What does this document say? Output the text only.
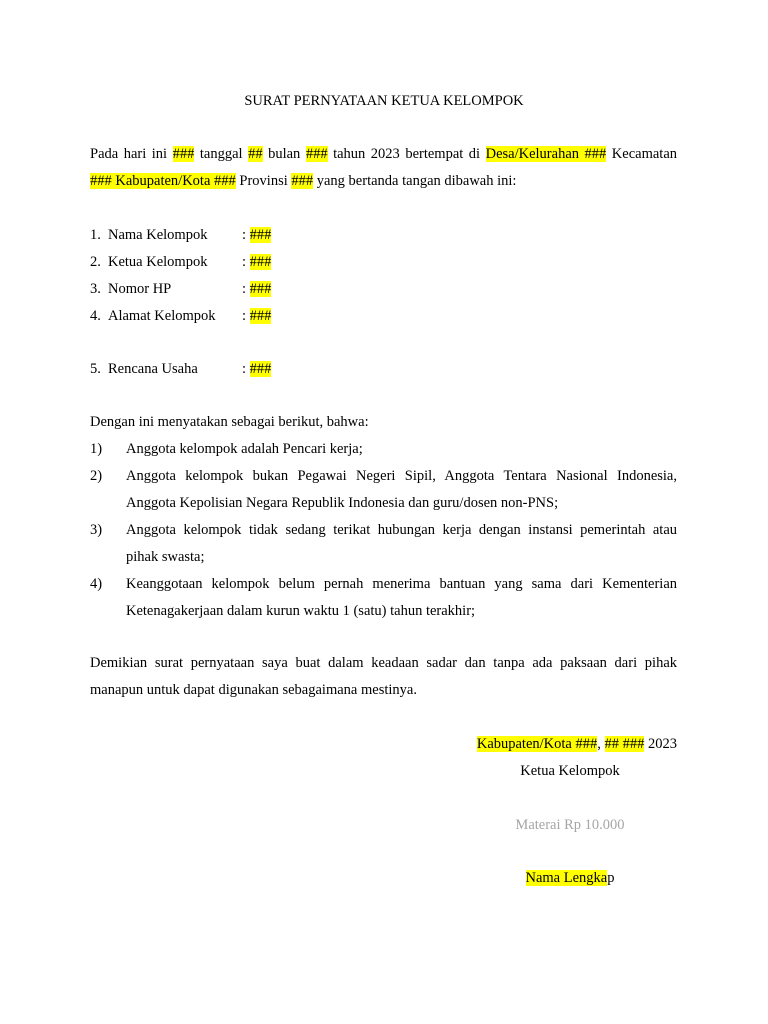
SURAT PERNYATAAN KETUA KELOMPOK
Pada hari ini ### tanggal ## bulan ### tahun 2023 bertempat di Desa/Kelurahan ### Kecamatan
### Kabupaten/Kota ### Provinsi ### yang bertanda tangan dibawah ini:
1. Nama Kelompok : ###
2. Ketua Kelompok : ###
3. Nomor HP	: ###
4. Alamat Kelompok : ###
5. Rencana Usaha	: ###
Dengan ini menyatakan sebagai berikut, bahwa:
1) Anggota kelompok adalah Pencari kerja;
2) Anggota kelompok bukan Pegawai Negeri Sipil, Anggota Tentara Nasional Indonesia,
Anggota Kepolisian Negara Republik Indonesia dan guru/dosen non-PNS;
3) Anggota kelompok tidak sedang terikat hubungan kerja dengan instansi pemerintah atau
pihak swasta;
4) Keanggotaan kelompok belum pernah menerima bantuan yang sama dari Kementerian
Ketenagakerjaan dalam kurun waktu 1 (satu) tahun terakhir;
Demikian surat pernyataan saya buat dalam keadaan sadar dan tanpa ada paksaan dari pihak
manapun untuk dapat digunakan sebagaimana mestinya.
Kabupaten/Kota ###, ## ### 2023
Ketua Kelompok
Materai Rp 10.000
Nama Lengkap
